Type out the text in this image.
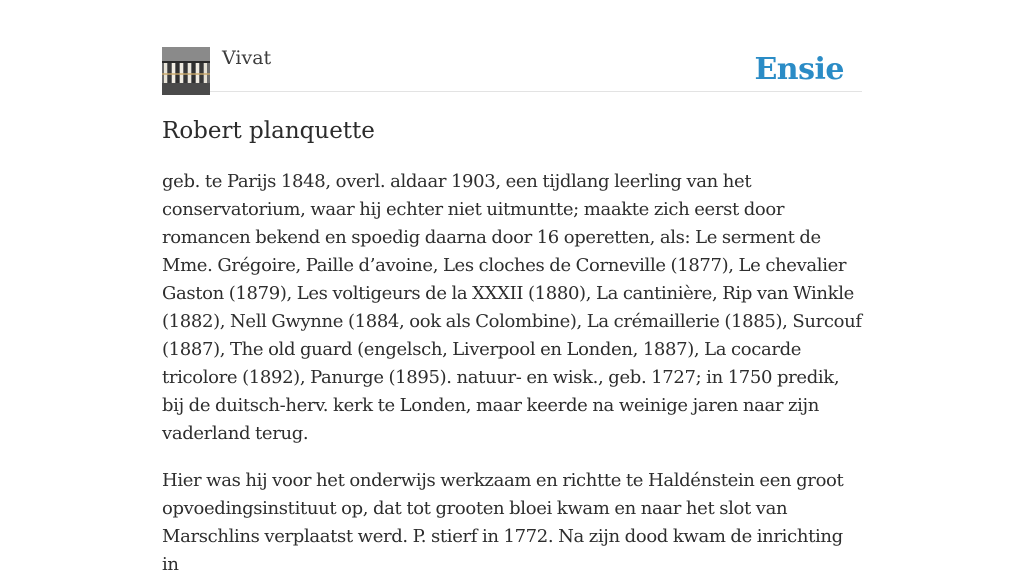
Vivat	Ensie
Robert planquette

geb. te Parijs 1848, overl. aldaar 1903, een tijdlang leerling van het conservatorium, waar hij echter niet uitmuntte; maakte zich eerst door romancen bekend en spoedig daarna door 16 operetten, als: Le serment de Mme. Grégoire, Paille d’avoine, Les cloches de Corneville (1877), Le chevalier Gaston (1879), Les voltigeurs de la XXXII (1880), La cantinière, Rip van Winkle (1882), Nell Gwynne (1884, ook als Colombine), La crémaillerie (1885), Surcouf (1887), The old guard (engelsch, Liverpool en Londen, 1887), La cocarde tricolore (1892), Panurge (1895). natuur- en wisk., geb. 1727; in 1750 predik, bij de duitsch-herv. kerk te Londen, maar keerde na weinige jaren naar zijn vaderland terug.

Hier was hij voor het onderwijs werkzaam en richtte te Haldénstein een groot opvoedingsinstituut op, dat tot grooten bloei kwam en naar het slot van Marschlins verplaatst werd. P. stierf in 1772. Na zijn dood kwam de inrichting in
